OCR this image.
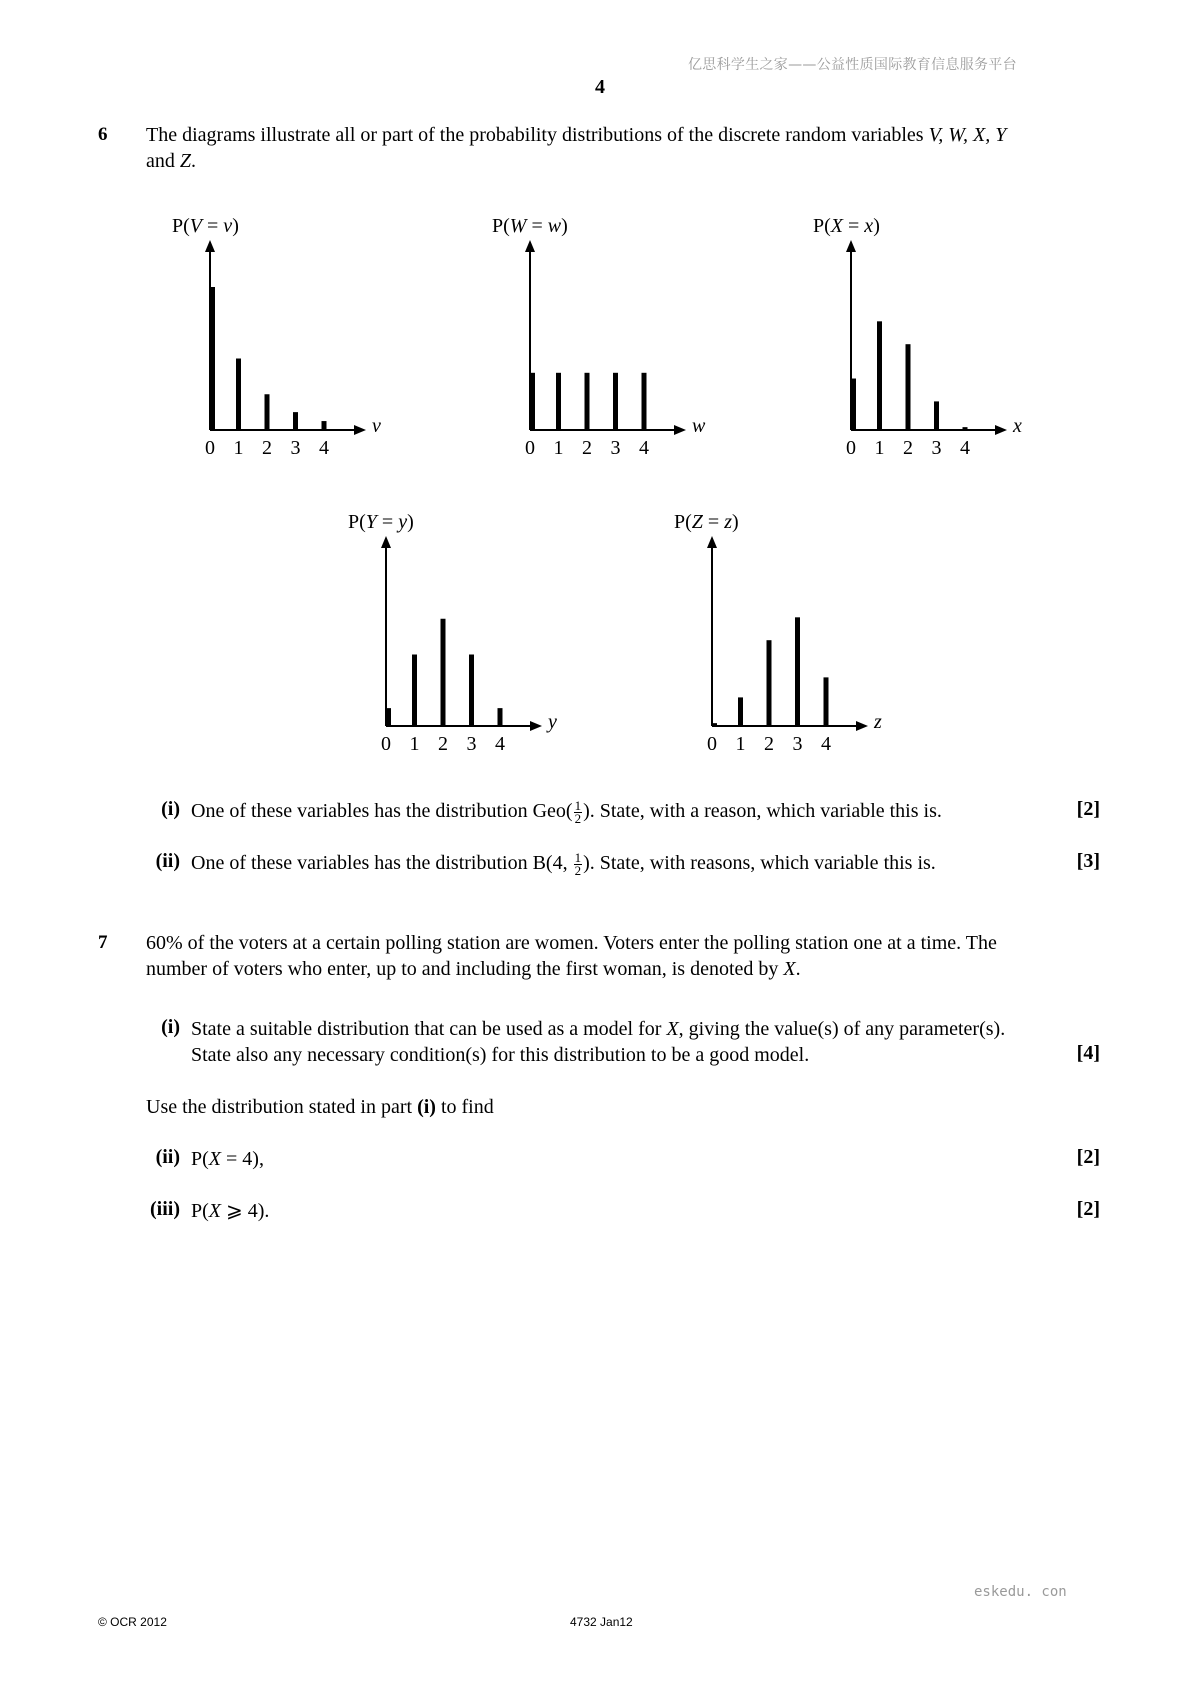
亿思科学生之家——公益性质国际教育信息服务平台
4
6 The diagrams illustrate all or part of the probability distributions of the discrete random variables V, W, X, Y
and Z.
P(V = v)
v
0 1 2 3 4
P(W = w)
w
0 1 2 3 4
P(X = x)
x
0 1 2 3 4
P(Y = y)
y
0 1 2 3 4
P(Z = z)
z
0 1 2 3 4
(i) One of these variables has the distribution $Geo( \frac{1}{2}$ ). State, with a reason, which variable this is.	[2]
(ii) One of these variables has the distribution B(4, $\frac{1}{2}$ ). State, with reasons, which variable this is.	[3]
7 60% of the voters at a certain polling station are women. Voters enter the polling station one at a time. The
number of voters who enter, up to and including the first woman, is denoted by X.
(i) State a suitable distribution that can be used as a model for X, giving the value(s) of any parameter(s).
State also any necessary condition(s) for this distribution to be a good model.	[4]
Use the distribution stated in part (i) to find
(ii) P(X = 4),	[2]
(iii) P(X ⩾ 4).	[2]
eskedu. con
© OCR 2012	4732 Jan12
